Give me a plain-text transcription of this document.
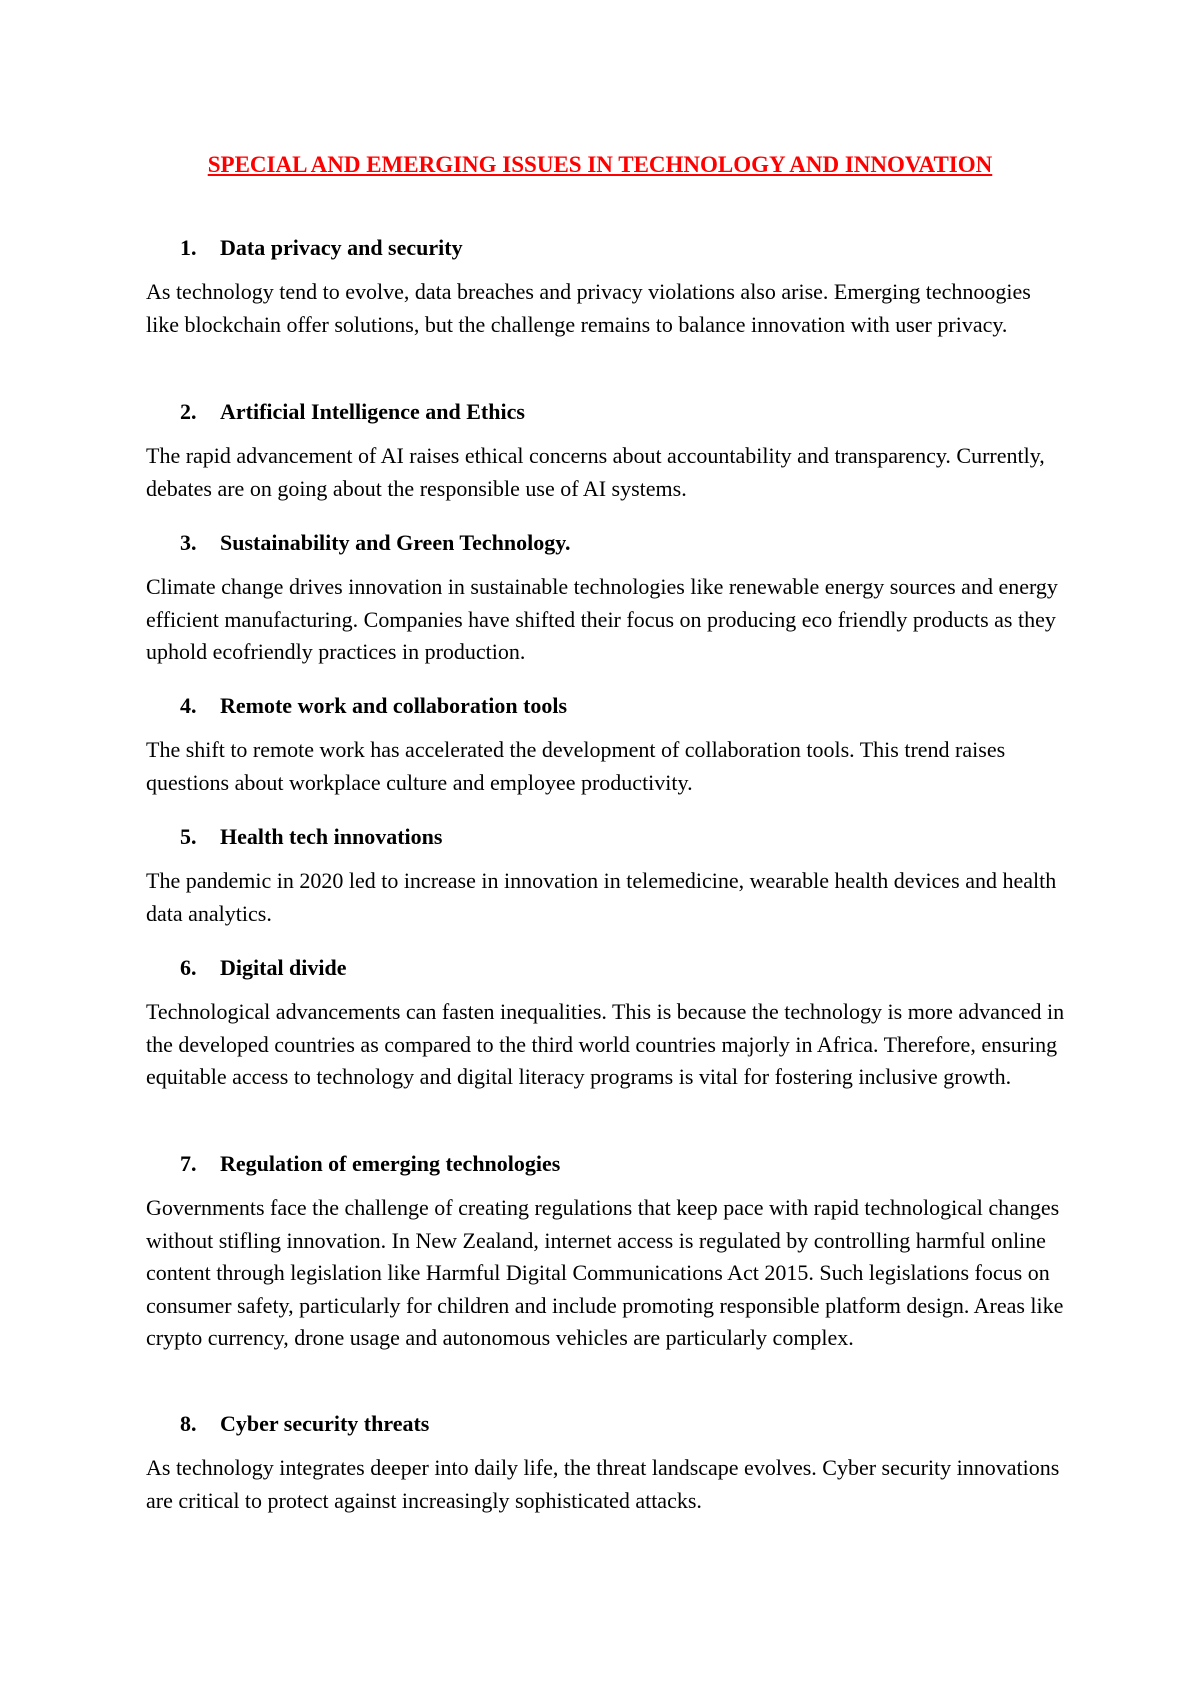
SPECIAL AND EMERGING ISSUES IN TECHNOLOGY AND INNOVATION
1. Data privacy and security

As technology tend to evolve, data breaches and privacy violations also arise. Emerging technoogies like blockchain offer solutions, but the challenge remains to balance innovation with user privacy.

2. Artificial Intelligence and Ethics

The rapid advancement of AI raises ethical concerns about accountability and transparency. Currently, debates are on going about the responsible use of AI systems.

3. Sustainability and Green Technology.

Climate change drives innovation in sustainable technologies like renewable energy sources and energy efficient manufacturing. Companies have shifted their focus on producing eco friendly products as they uphold ecofriendly practices in production.

4. Remote work and collaboration tools

The shift to remote work has accelerated the development of collaboration tools. This trend raises questions about workplace culture and employee productivity.

5. Health tech innovations

The pandemic in 2020 led to increase in innovation in telemedicine, wearable health devices and health data analytics.

6. Digital divide

Technological advancements can fasten inequalities. This is because the technology is more advanced in the developed countries as compared to the third world countries majorly in Africa. Therefore, ensuring equitable access to technology and digital literacy programs is vital for fostering inclusive growth.

7. Regulation of emerging technologies

Governments face the challenge of creating regulations that keep pace with rapid technological changes without stifling innovation. In New Zealand, internet access is regulated by controlling harmful online content through legislation like Harmful Digital Communications Act 2015. Such legislations focus on consumer safety, particularly for children and include promoting responsible platform design. Areas like crypto currency, drone usage and autonomous vehicles are particularly complex.

8. Cyber security threats

As technology integrates deeper into daily life, the threat landscape evolves. Cyber security innovations are critical to protect against increasingly sophisticated attacks.
